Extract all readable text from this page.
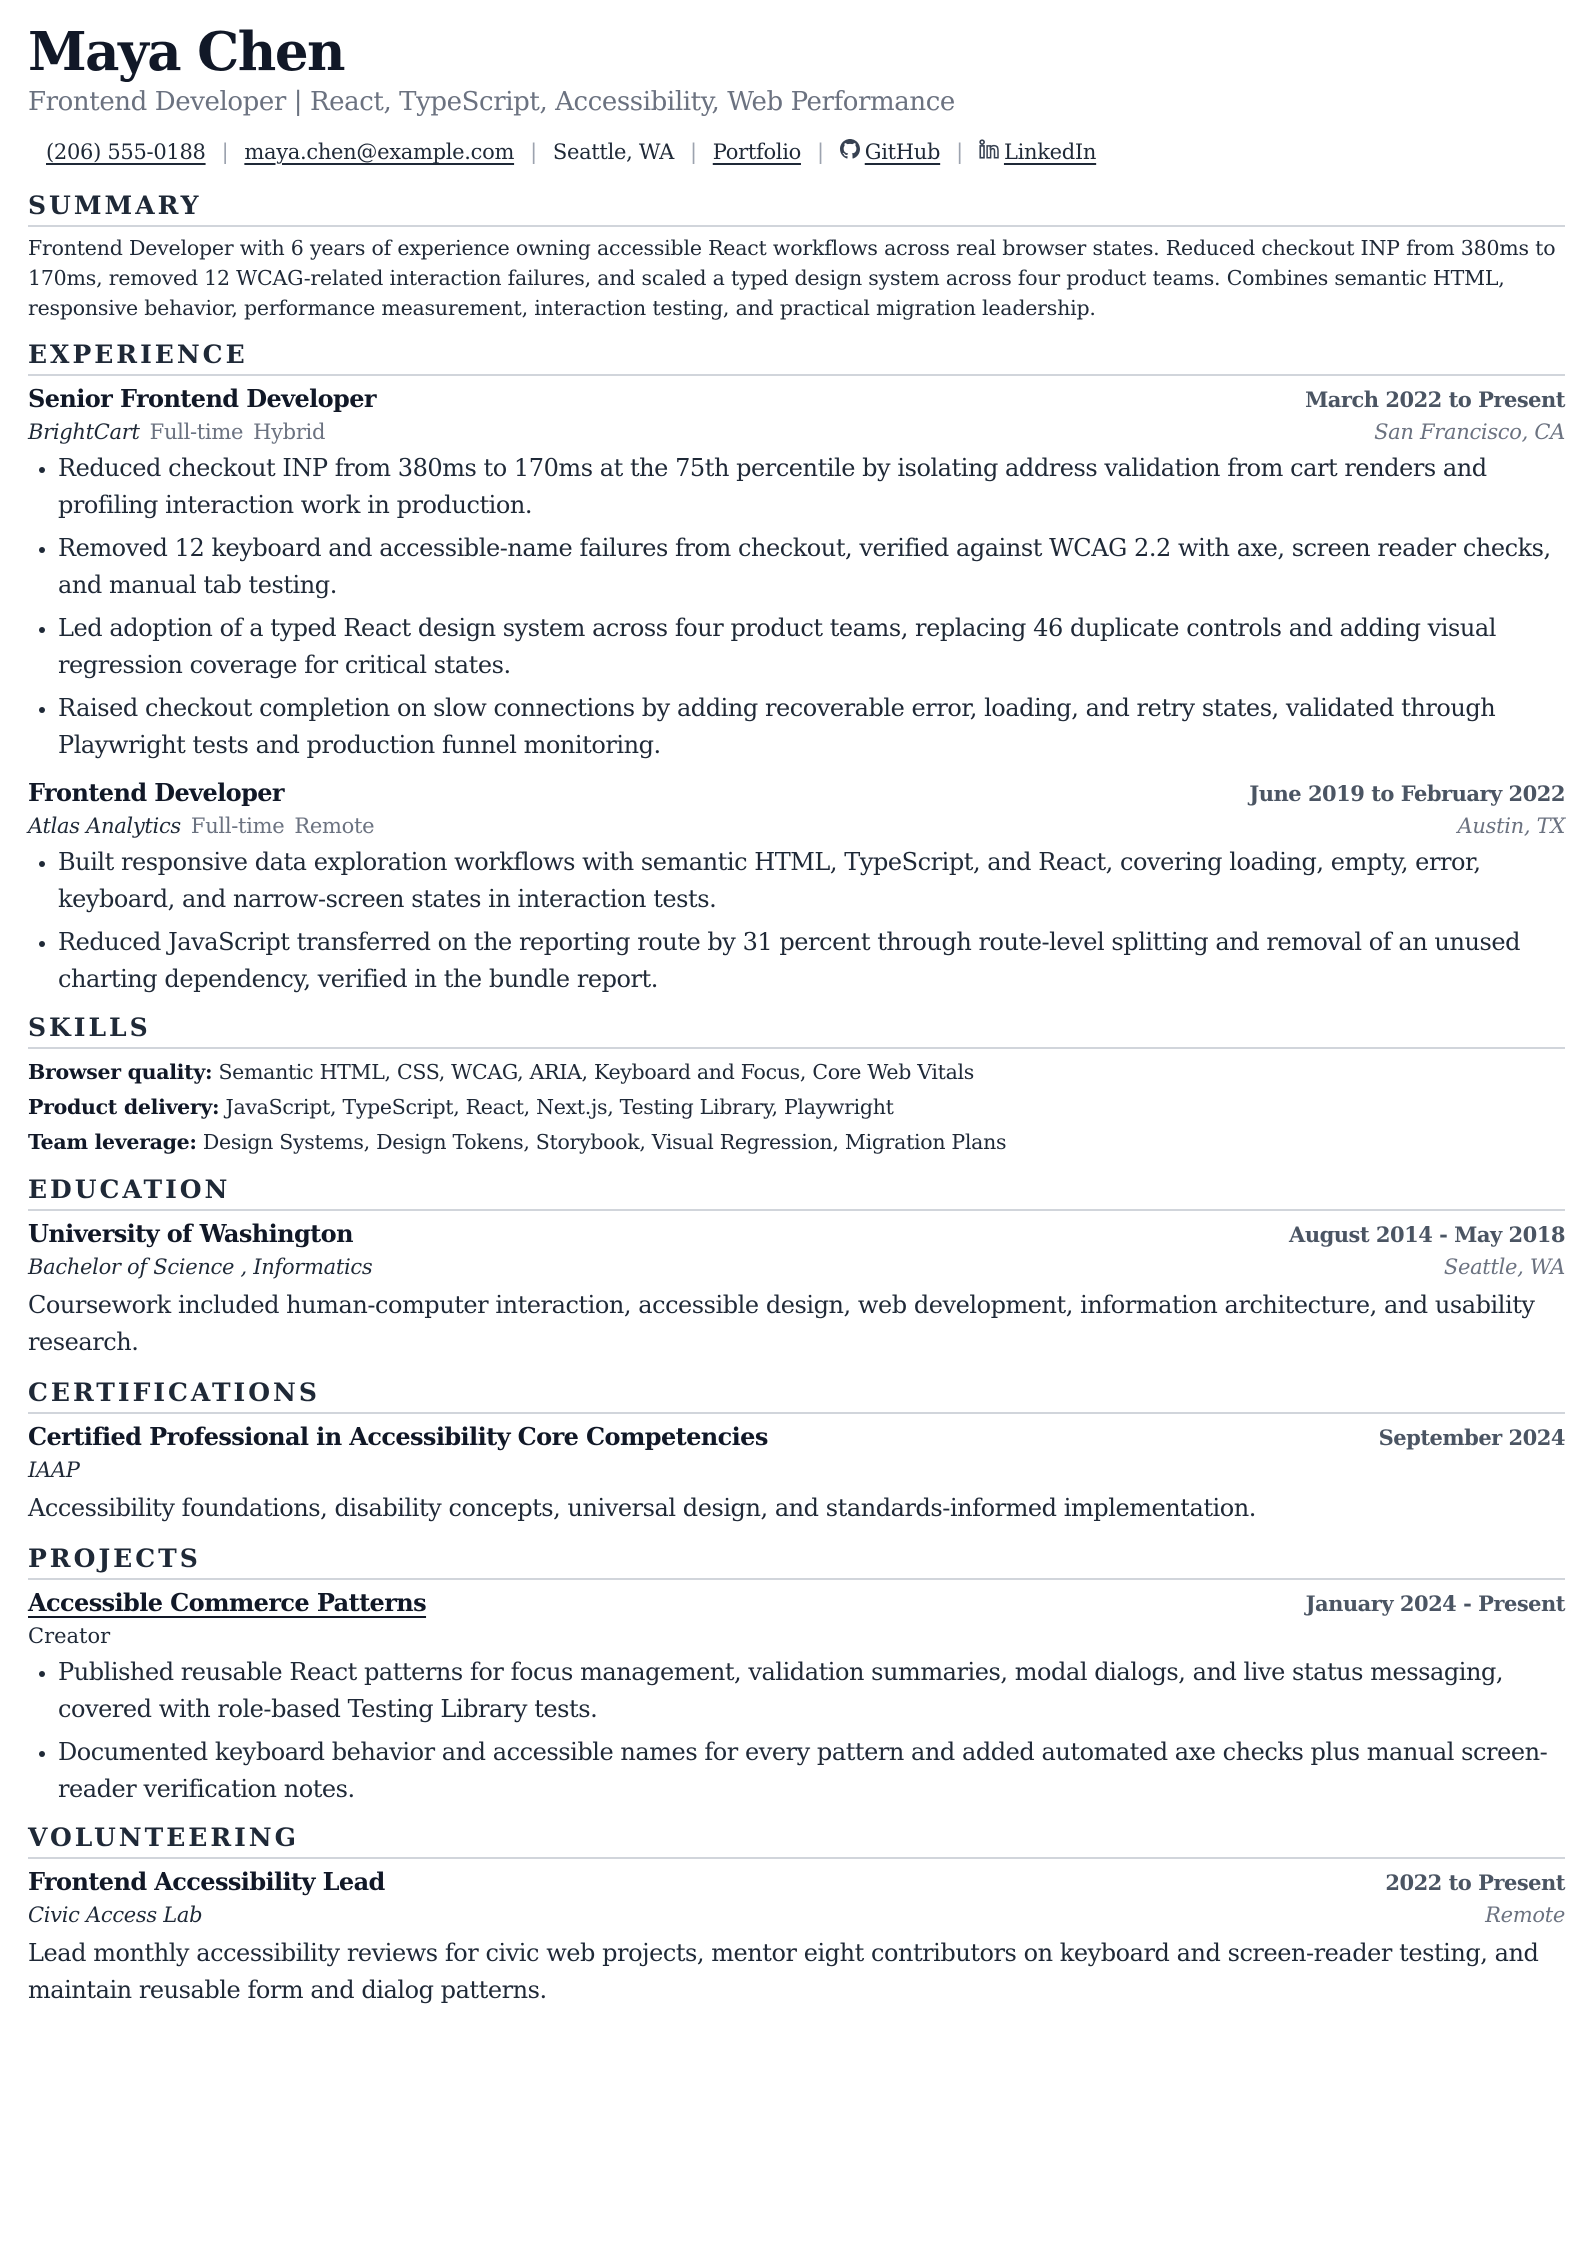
Maya Chen
Frontend Developer | React, TypeScript, Accessibility, Web Performance
(206) 555-0188 | maya.chen@example.com | Seattle, WA | Portfolio | GitHub | LinkedIn
SUMMARY
Frontend Developer with 6 years of experience owning accessible React workflows across real browser states. Reduced checkout INP from 380ms to 170ms, removed 12 WCAG-related interaction failures, and scaled a typed design system across four product teams. Combines semantic HTML, responsive behavior, performance measurement, interaction testing, and practical migration leadership.
EXPERIENCE
Senior Frontend Developer	March 2022 to Present
BrightCart Full-time Hybrid	San Francisco, CA
• Reduced checkout INP from 380ms to 170ms at the 75th percentile by isolating address validation from cart renders and profiling interaction work in production.
• Removed 12 keyboard and accessible-name failures from checkout, verified against WCAG 2.2 with axe, screen reader checks, and manual tab testing.
• Led adoption of a typed React design system across four product teams, replacing 46 duplicate controls and adding visual regression coverage for critical states.
• Raised checkout completion on slow connections by adding recoverable error, loading, and retry states, validated through Playwright tests and production funnel monitoring.
Frontend Developer	June 2019 to February 2022
Atlas Analytics Full-time Remote	Austin, TX
• Built responsive data exploration workflows with semantic HTML, TypeScript, and React, covering loading, empty, error, keyboard, and narrow-screen states in interaction tests.
• Reduced JavaScript transferred on the reporting route by 31 percent through route-level splitting and removal of an unused charting dependency, verified in the bundle report.
SKILLS
Browser quality: Semantic HTML, CSS, WCAG, ARIA, Keyboard and Focus, Core Web Vitals
Product delivery: JavaScript, TypeScript, React, Next.js, Testing Library, Playwright
Team leverage: Design Systems, Design Tokens, Storybook, Visual Regression, Migration Plans
EDUCATION
University of Washington	August 2014 - May 2018
Bachelor of Science , Informatics	Seattle, WA
Coursework included human-computer interaction, accessible design, web development, information architecture, and usability research.
CERTIFICATIONS
Certified Professional in Accessibility Core Competencies	September 2024
IAAP
Accessibility foundations, disability concepts, universal design, and standards-informed implementation.
PROJECTS
Accessible Commerce Patterns	January 2024 - Present
Creator
• Published reusable React patterns for focus management, validation summaries, modal dialogs, and live status messaging, covered with role-based Testing Library tests.
• Documented keyboard behavior and accessible names for every pattern and added automated axe checks plus manual screen-reader verification notes.
VOLUNTEERING
Frontend Accessibility Lead	2022 to Present
Civic Access Lab	Remote
Lead monthly accessibility reviews for civic web projects, mentor eight contributors on keyboard and screen-reader testing, and maintain reusable form and dialog patterns.
